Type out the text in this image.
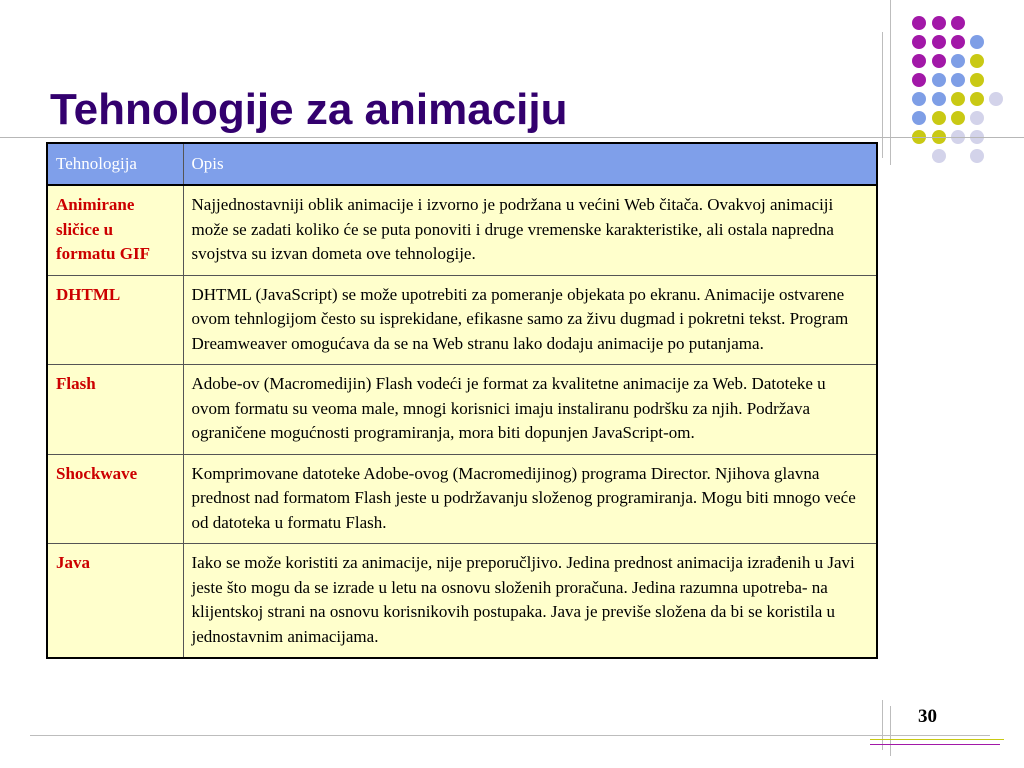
Tehnologije za animaciju
Tehnologija	Opis
Animirane sličice u formatu GIF	Najjednostavniji oblik animacije i izvorno je podržana u većini Web čitača. Ovakvoj animaciji može se zadati koliko će se puta ponoviti i druge vremenske karakteristike, ali ostala napredna svojstva su izvan dometa ove tehnologije.
DHTML	DHTML (JavaScript) se može upotrebiti za pomeranje objekata po ekranu. Animacije ostvarene ovom tehnlogijom često su isprekidane, efikasne samo za živu dugmad i pokretni tekst. Program Dreamweaver omogućava da se na Web stranu lako dodaju animacije po putanjama.
Flash	Adobe-ov (Macromedijin) Flash vodeći je format za kvalitetne animacije za Web. Datoteke u ovom formatu su veoma male, mnogi korisnici imaju instaliranu podršku za njih. Podržava ograničene mogućnosti programiranja, mora biti dopunjen JavaScript-om.
Shockwave	Komprimovane datoteke Adobe-ovog (Macromedijinog) programa Director. Njihova glavna prednost nad formatom Flash jeste u podržavanju složenog programiranja. Mogu biti mnogo veće od datoteka u formatu Flash.
Java	Iako se može koristiti za animacije, nije preporučljivo. Jedina prednost animacija izrađenih u Javi jeste što mogu da se izrade u letu na osnovu složenih proračuna. Jedina razumna upotreba- na klijentskoj strani na osnovu korisnikovih postupaka. Java je previše složena da bi se koristila u jednostavnim animacijama.
30
